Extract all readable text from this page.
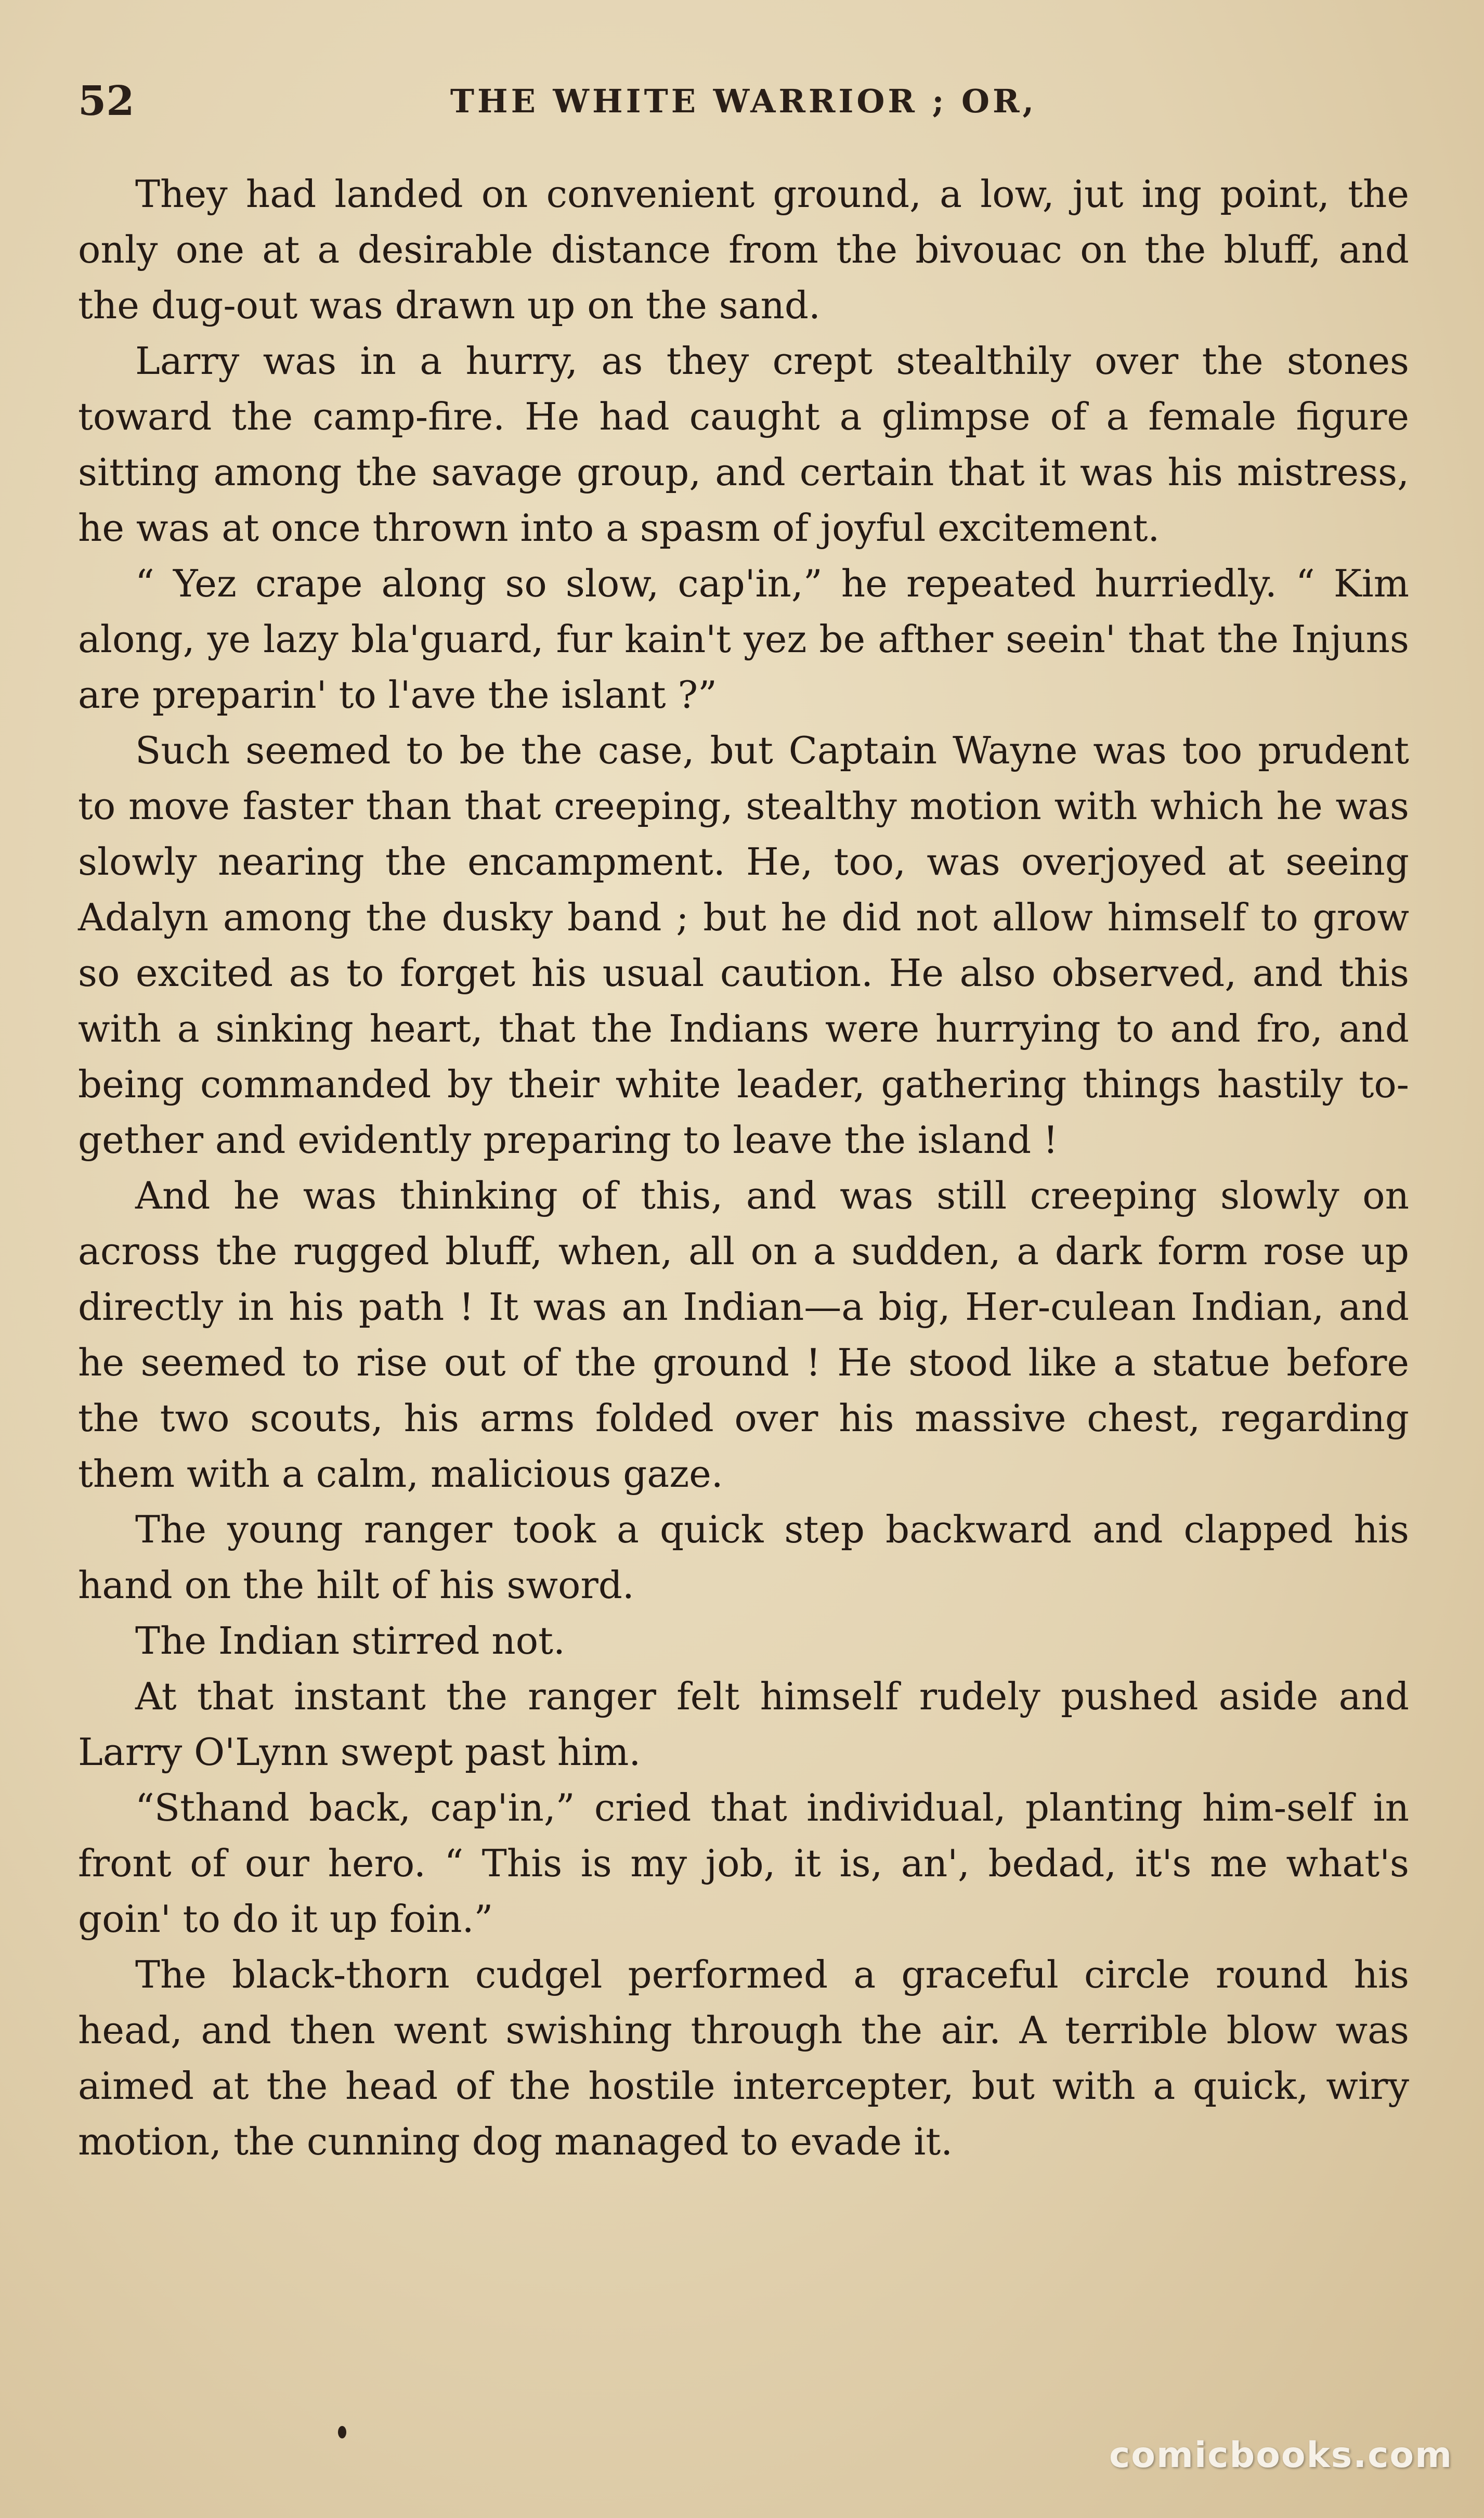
52	THE WHITE WARRIOR ; OR,

They had landed on convenient ground, a low, jut ing point, the only one at a desirable distance from the bivouac on the bluff, and the dug-out was drawn up on the sand.

Larry was in a hurry, as they crept stealthily over the stones toward the camp-fire. He had caught a glimpse of a female figure sitting among the savage group, and certain that it was his mistress, he was at once thrown into a spasm of joyful excitement.

“ Yez crape along so slow, cap'in,” he repeated hurriedly. “ Kim along, ye lazy bla'guard, fur kain't yez be afther seein' that the Injuns are preparin' to l'ave the islant ?”

Such seemed to be the case, but Captain Wayne was too prudent to move faster than that creeping, stealthy motion with which he was slowly nearing the encampment. He, too, was overjoyed at seeing Adalyn among the dusky band ; but he did not allow himself to grow so excited as to forget his usual caution. He also observed, and this with a sinking heart, that the Indians were hurrying to and fro, and being commanded by their white leader, gathering things hastily to-gether and evidently preparing to leave the island !

And he was thinking of this, and was still creeping slowly on across the rugged bluff, when, all on a sudden, a dark form rose up directly in his path ! It was an Indian—a big, Her-culean Indian, and he seemed to rise out of the ground ! He stood like a statue before the two scouts, his arms folded over his massive chest, regarding them with a calm, malicious gaze.

The young ranger took a quick step backward and clapped his hand on the hilt of his sword.

The Indian stirred not.

At that instant the ranger felt himself rudely pushed aside and Larry O'Lynn swept past him.

“Sthand back, cap'in,” cried that individual, planting him-self in front of our hero. “ This is my job, it is, an', bedad, it's me what's goin' to do it up foin.”

The black-thorn cudgel performed a graceful circle round his head, and then went swishing through the air. A terrible blow was aimed at the head of the hostile intercepter, but with a quick, wiry motion, the cunning dog managed to evade it.

comicbooks.com
